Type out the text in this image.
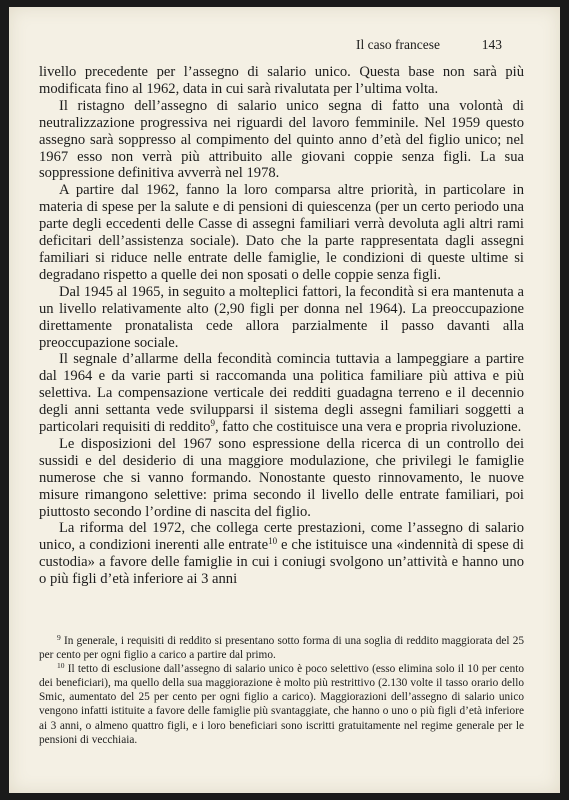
Il caso francese	143

livello precedente per l’assegno di salario unico. Questa base non sarà più modificata fino al 1962, data in cui sarà rivalutata per l’ultima volta.

Il ristagno dell’assegno di salario unico segna di fatto una volontà di neutralizzazione progressiva nei riguardi del lavoro femminile. Nel 1959 questo assegno sarà soppresso al compimento del quinto anno d’età del figlio unico; nel 1967 esso non verrà più attribuito alle giovani coppie senza figli. La sua soppressione definitiva avverrà nel 1978.

A partire dal 1962, fanno la loro comparsa altre priorità, in particolare in materia di spese per la salute e di pensioni di quiescenza (per un certo periodo una parte degli eccedenti delle Casse di assegni familiari verrà devoluta agli altri rami deficitari dell’assistenza sociale). Dato che la parte rappresentata dagli assegni familiari si riduce nelle entrate delle famiglie, le condizioni di queste ultime si degradano rispetto a quelle dei non sposati o delle coppie senza figli.

Dal 1945 al 1965, in seguito a molteplici fattori, la fecondità si era mantenuta a un livello relativamente alto (2,90 figli per donna nel 1964). La preoccupazione direttamente pronatalista cede allora parzialmente il passo davanti alla preoccupazione sociale.

Il segnale d’allarme della fecondità comincia tuttavia a lampeggiare a partire dal 1964 e da varie parti si raccomanda una politica familiare più attiva e più selettiva. La compensazione verticale dei redditi guadagna terreno e il decennio degli anni settanta vede svilupparsi il sistema degli assegni familiari soggetti a particolari requisiti di reddito$^9$, fatto che costituisce una vera e propria rivoluzione.

Le disposizioni del 1967 sono espressione della ricerca di un controllo dei sussidi e del desiderio di una maggiore modulazione, che privilegi le famiglie numerose che si vanno formando. Nonostante questo rinnovamento, le nuove misure rimangono selettive: prima secondo il livello delle entrate familiari, poi piuttosto secondo l’ordine di nascita del figlio.

La riforma del 1972, che collega certe prestazioni, come l’assegno di salario unico, a condizioni inerenti alle entrate$^{10}$ e che istituisce una «indennità di spese di custodia» a favore delle famiglie in cui i coniugi svolgono un’attività e hanno uno o più figli d’età inferiore ai 3 anni

$^9$ In generale, i requisiti di reddito si presentano sotto forma di una soglia di reddito maggiorata del 25 per cento per ogni figlio a carico a partire dal primo.

$^{10}$ Il tetto di esclusione dall’assegno di salario unico è poco selettivo (esso elimina solo il 10 per cento dei beneficiari), ma quello della sua maggiorazione è molto più restrittivo (2.130 volte il tasso orario dello Smic, aumentato del 25 per cento per ogni figlio a carico). Maggiorazioni dell’assegno di salario unico vengono infatti istituite a favore delle famiglie più svantaggiate, che hanno o uno o più figli d’età inferiore ai 3 anni, o almeno quattro figli, e i loro beneficiari sono iscritti gratuitamente nel regime generale per le pensioni di vecchiaia.
